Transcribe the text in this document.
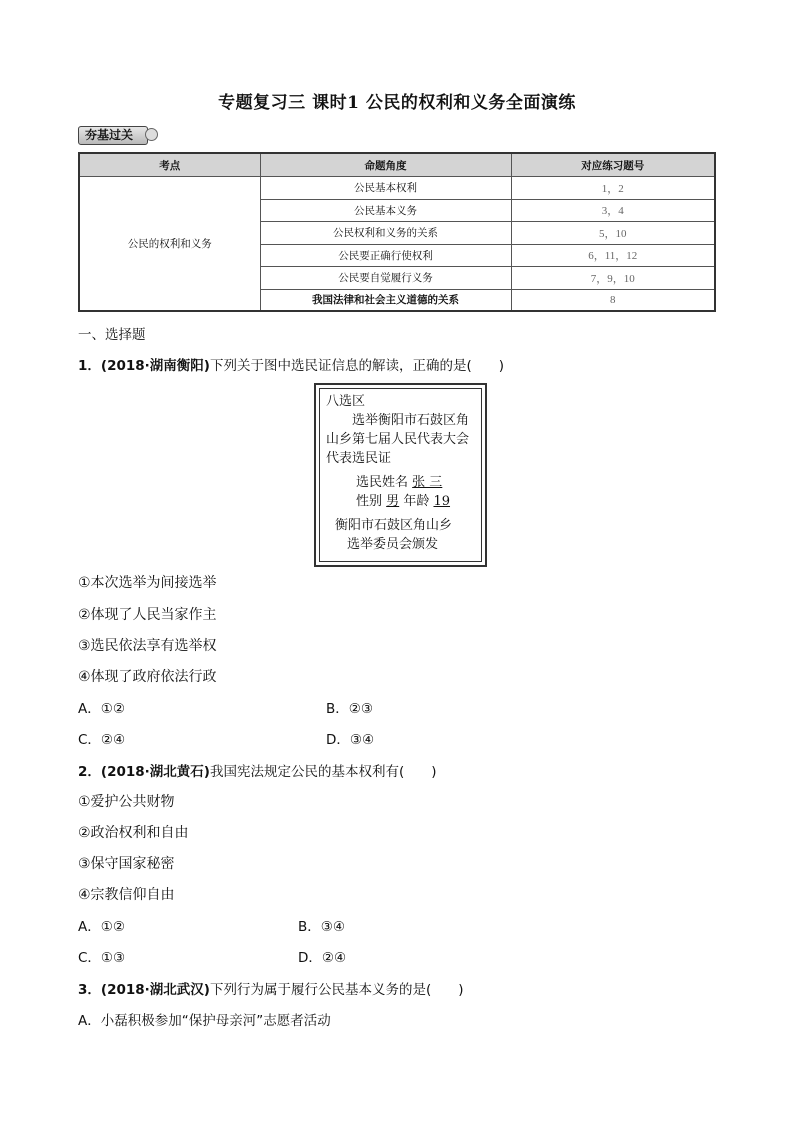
专题复习三 课时1 公民的权利和义务全面演练
夯基过关
考点	命题角度	对应练习题号
公民的权利和义务	公民基本权利	1，2
	公民基本义务	3，4
	公民权利和义务的关系	5，10
	公民要正确行使权利	6，11，12
	公民要自觉履行义务	7，9，10
	我国法律和社会主义道德的关系	8
一、选择题
1．(2018·湖南衡阳)下列关于图中选民证信息的解读，正确的是(　　)
八选区
选举衡阳市石鼓区角
山乡第七届人民代表大会
代表选民证
选民姓名 张 三
性别 男 年龄 19
衡阳市石鼓区角山乡
选举委员会颁发
①本次选举为间接选举
②体现了人民当家作主
③选民依法享有选举权
④体现了政府依法行政
A．①②	B．②③
C．②④	D．③④
2．(2018·湖北黄石)我国宪法规定公民的基本权利有(　　)
①爱护公共财物
②政治权利和自由
③保守国家秘密
④宗教信仰自由
A．①②	B．③④
C．①③	D．②④
3．(2018·湖北武汉)下列行为属于履行公民基本义务的是(　　)
A．小磊积极参加“保护母亲河”志愿者活动
